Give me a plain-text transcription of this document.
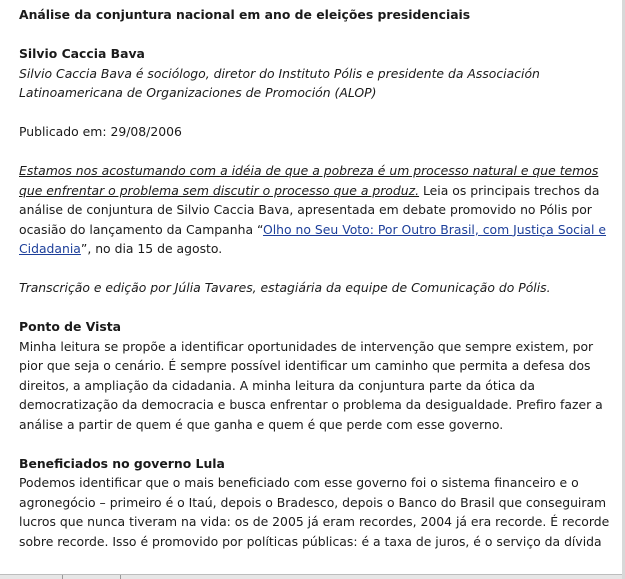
Análise da conjuntura nacional em ano de eleições presidenciais

Silvio Caccia Bava

Silvio Caccia Bava é sociólogo, diretor do Instituto Pólis e presidente da Associación

Latinoamericana de Organizaciones de Promoción (ALOP)

Publicado em: 29/08/2006

Estamos nos acostumando com a idéia de que a pobreza é um processo natural e que temos

que enfrentar o problema sem discutir o processo que a produz. Leia os principais trechos da

análise de conjuntura de Silvio Caccia Bava, apresentada em debate promovido no Pólis por

ocasião do lançamento da Campanha “Olho no Seu Voto: Por Outro Brasil, com Justiça Social e

Cidadania”, no dia 15 de agosto.

Transcrição e edição por Júlia Tavares, estagiária da equipe de Comunicação do Pólis.

Ponto de Vista

Minha leitura se propõe a identificar oportunidades de intervenção que sempre existem, por

pior que seja o cenário. É sempre possível identificar um caminho que permita a defesa dos

direitos, a ampliação da cidadania. A minha leitura da conjuntura parte da ótica da

democratização da democracia e busca enfrentar o problema da desigualdade. Prefiro fazer a

análise a partir de quem é que ganha e quem é que perde com esse governo.

Beneficiados no governo Lula

Podemos identificar que o mais beneficiado com esse governo foi o sistema financeiro e o

agronegócio – primeiro é o Itaú, depois o Bradesco, depois o Banco do Brasil que conseguiram

lucros que nunca tiveram na vida: os de 2005 já eram recordes, 2004 já era recorde. É recorde

sobre recorde. Isso é promovido por políticas públicas: é a taxa de juros, é o serviço da dívida
